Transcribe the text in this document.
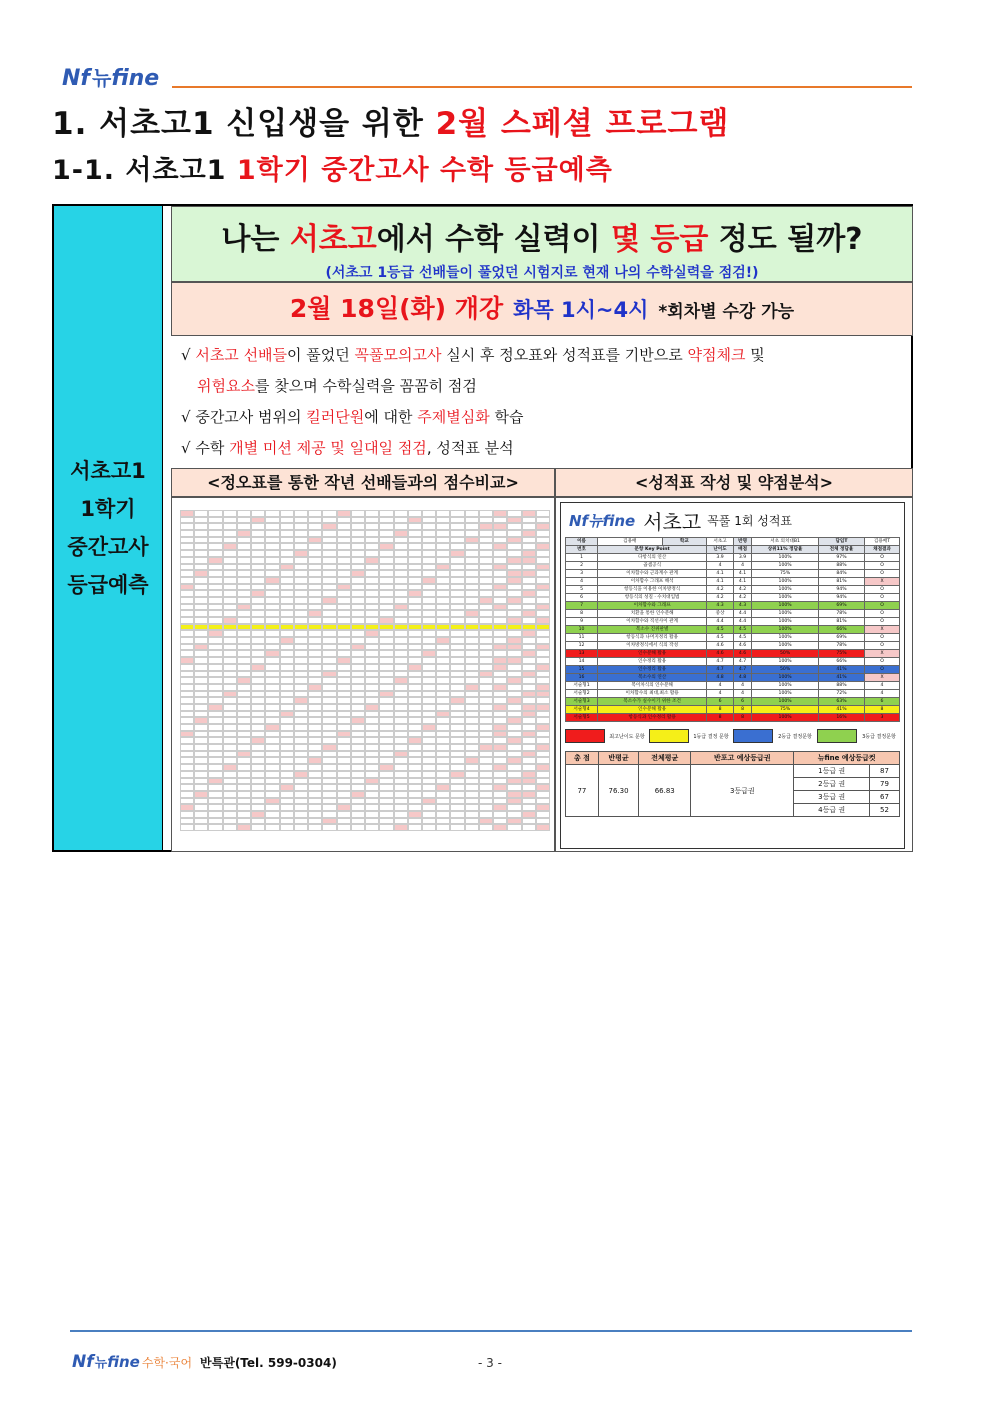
Nf 뉴 fine
1. 서초고1 신입생을 위한 2월 스페셜 프로그램
1-1. 서초고1 1학기 중간고사 수학 등급예측
서초고1
1학기
중간고사
등급예측
나는 서초고에서 수학 실력이 몇 등급 정도 될까?
(서초고 1등급 선배들이 풀었던 시험지로 현재 나의 수학실력을 점검!)
2월 18일(화) 개강 화목 1시~4시 *회차별 수강 가능

√ 서초고 선배들이 풀었던 꼭풀모의고사 실시 후 정오표와 성적표를 기반으로 약점체크 및

위험요소를 찾으며 수학실력을 꼼꼼히 점검

√ 중간고사 범위의 킬러단원에 대한 주제별심화 학습

√ 수학 개별 미션 제공 및 일대일 점검, 성적표 분석

<정오표를 통한 작년 선배들과의 점수비교>	<성적표 작성 및 약점분석>
Nf뉴fine 서초고 꼭풀 1회 성적표
이름	김용배	학교	서초고	반명	서초 의치대B1	담임T	김용배T
번호	문항 Key Point		난이도	배점	상위11% 정답율	전체 정답율	채점결과
1	다항식의 연산		3.9	3.9	100%	97%	O
2	곱셈공식		4	4	100%	88%	O
3	이차함수와 근과계수 관계		4.1	4.1	75%	84%	O
4	이차함수 그래프 해석		4.1	4.1	100%	81%	X
5	항등식을 이용한 이차방정식		4.2	4.2	100%	94%	O
6	항등식의 성질 · 수치대입법		4.2	4.2	100%	94%	O
7	이차함수와 그래프		4.3	4.3	100%	69%	O
8	치환을 통한 인수분해		중상	4.4	100%	78%	O
9	이차함수와 직선사이 관계		4.4	4.4	100%	81%	O
10	복소수 진위판별		4.5	4.5	100%	66%	X
11	항등식과 나머지정리 활용		4.5	4.5	100%	69%	O
12	이차방정식에서 식의 작성		4.6	4.6	100%	78%	O
13	인수분해 활용		4.6	4.6	50%	75%	X
14	인수정리 활용		4.7	4.7	100%	66%	O
15	인수정리 활용		4.7	4.7	50%	41%	O
16	복소수의 연산		4.8	4.8	100%	41%	X
서술형1	복이차식의 인수분해		4	4	100%	88%	4
서술형2	이차함수의 최대,최소 활용		4	4	100%	72%	4
서술형3	복소수가 실수이기 위한 조건		6	6	100%	63%	6
서술형4	인수분해 활용		8	8	75%	41%	8
서술형5	항등식과 인수정리 활용		8	8	100%	16%	3
최고난이도 문항	1등급 결정 문항	2등급 결정문항	3등급 결정문항
총 점	반평균	전체평균	반포고 예상등급권	뉴fine 예상등급컷	
77	76.30	66.83	3등급권	1등급 권	87
				2등급 권	79
				3등급 권	67
				4등급 권	52
Nf 뉴 fine 수학·국어 반특관(Tel. 599-0304)	- 3 -
